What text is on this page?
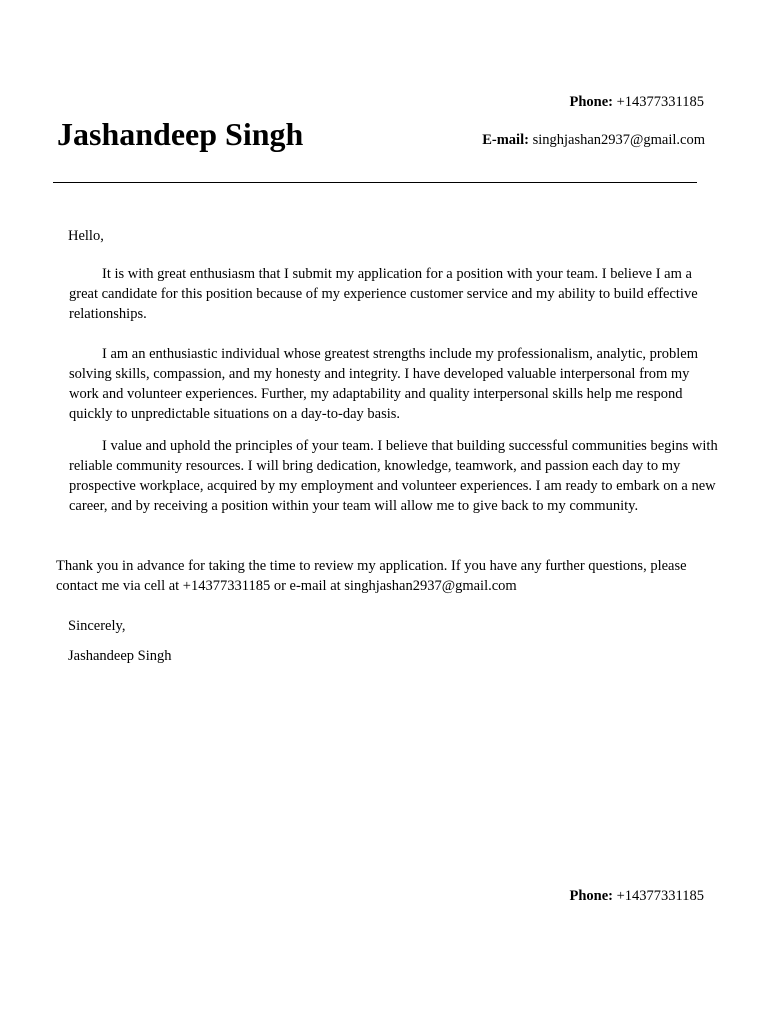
Phone: +14377331185
Jashandeep Singh	E-mail: singhjashan2937@gmail.com
Hello,
It is with great enthusiasm that I submit my application for a position with your team. I believe I am a great candidate for this position because of my experience customer service and my ability to build effective relationships.
I am an enthusiastic individual whose greatest strengths include my professionalism, analytic, problem solving skills, compassion, and my honesty and integrity. I have developed valuable interpersonal from my work and volunteer experiences. Further, my adaptability and quality interpersonal skills help me respond quickly to unpredictable situations on a day-to-day basis.
I value and uphold the principles of your team. I believe that building successful communities begins with reliable community resources. I will bring dedication, knowledge, teamwork, and passion each day to my prospective workplace, acquired by my employment and volunteer experiences. I am ready to embark on a new career, and by receiving a position within your team will allow me to give back to my community.
Thank you in advance for taking the time to review my application. If you have any further questions, please contact me via cell at +14377331185 or e-mail at singhjashan2937@gmail.com
Sincerely,
Jashandeep Singh
Phone: +14377331185
